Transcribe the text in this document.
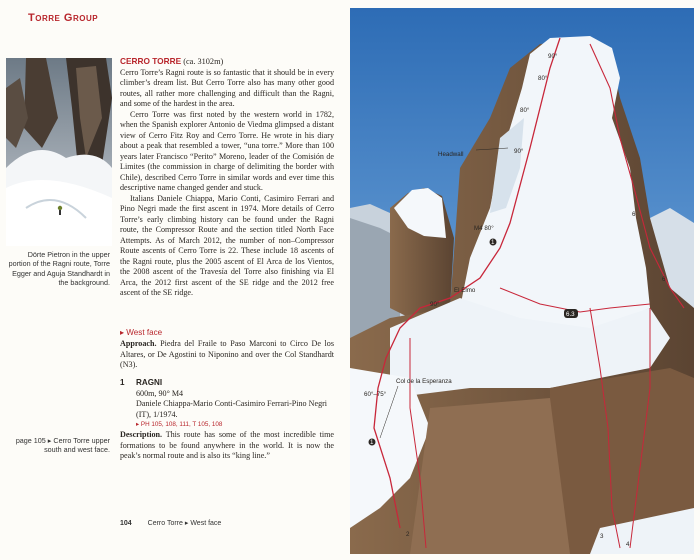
Torre Group
Dörte Pietron in the upper portion of the Ragni route, Torre Egger and Aguja Standhardt in the background.
page 105 ▸ Cerro Torre upper south and west face.

CERRO TORRE (ca. 3102m)
Cerro Torre’s Ragni route is so fantastic that it should be in every climber’s dream list. But Cerro Torre also has many other good routes, all rather more challenging and difficult than the Ragni, and some of the hardest in the area.

Cerro Torre was first noted by the western world in 1782, when the Spanish explorer Antonio de Viedma glimpsed a distant view of Cerro Fitz Roy and Cerro Torre. He wrote in his diary about a peak that resembled a tower, “una torre.” More than 100 years later Francisco “Perito” Moreno, leader of the Comisión de Limites (the commission in charge of delimiting the border with Chile), described Cerro Torre in similar words and ever time this descriptive name changed gender and stuck.

Italians Daniele Chiappa, Mario Conti, Casimiro Ferrari and Pino Negri made the first ascent in 1974. More details of Cerro Torre’s early climbing history can be found under the Ragni route, the Compressor Route and the section titled North Face Attempts. As of March 2012, the number of non–Compressor Route ascents of Cerro Torre is 22. These include 18 ascents of the Ragni route, plus the 2005 ascent of El Arca de los Vientos, the 2008 ascent of the Travesía del Torre also finishing via El Arca, the 2012 first ascent of the SE ridge and the 2012 free ascent of the SE ridge.

▸ West face
Approach. Piedra del Fraile to Paso Marconi to Circo De los Altares, or De Agostini to Niponino and over the Col Standhardt (N3).
1 RAGNI
600m, 90° M4
Daniele Chiappa-Mario Conti-Casimiro Ferrari-Pino Negri (IT), 1/1974.
▸ PH 105, 108, 111, T 105, 108
Description. This route has some of the most incredible time formations to be found anywhere in the world. It is now the peak’s normal route and is also its “king line.”
104 Cerro Torre ▸ West face
90°
80°
80°
90°
Headwall
M4 80°
1
El Elmo
90°
6.3
Col de la Esperanza
60°–75°
1
6
6
2	3
4
